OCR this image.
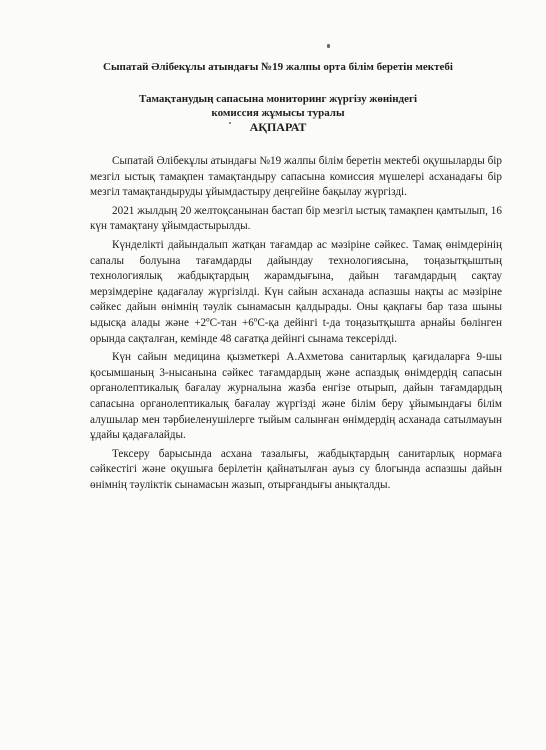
Сыпатай Әлібекұлы атындағы №19 жалпы орта білім беретін мектебі
Тамақтанудың сапасына мониторинг жүргізу жөніндегі
комиссия жұмысы туралы
АҚПАРАТ

Сыпатай Әлібекұлы атындағы №19 жалпы білім беретін мектебі оқушыларды бір мезгіл ыстық тамақпен тамақтандыру сапасына комиссия мүшелері асханадағы бір мезгіл тамақтандыруды ұйымдастыру деңгейіне бақылау жүргізді.

2021 жылдың 20 желтоқсанынан бастап бір мезгіл ыстық тамақпен қамтылып, 16 күн тамақтану ұйымдастырылды.

Күнделікті дайындалып жатқан тағамдар ас мәзіріне сәйкес. Тамақ өнімдерінің сапалы болуына тағамдарды дайындау технологиясына, тоңазытқыштың технологиялық жабдықтардың жарамдығына, дайын тағамдардың сақтау мерзімдеріне қадағалау жүргізілді. Күн сайын асханада аспазшы нақты ас мәзіріне сәйкес дайын өнімнің тәулік сынамасын қалдырады. Оны қақпағы бар таза шыны ыдысқа алады және +2ºС-тан +6ºС-қа дейінгі t-да тоңазытқышта арнайы бөлінген орында сақталған, кемінде 48 сағатқа дейінгі сынама тексерілді.

Күн сайын медицина қызметкері А.Ахметова санитарлық қағидаларға 9-шы қосымшаның 3-нысанына сәйкес тағамдардың және аспаздық өнімдердің сапасын органолептикалық бағалау журналына жазба енгізе отырып, дайын тағамдардың сапасына органолептикалық бағалау жүргізді және білім беру ұйымындағы білім алушылар мен тәрбиеленушілерге тыйым салынған өнімдердің асханада сатылмауын ұдайы қадағалайды.

Тексеру барысында асхана тазалығы, жабдықтардың санитарлық нормаға сәйкестігі және оқушыға берілетін қайнатылған ауыз су блогында аспазшы дайын өнімнің тәуліктік сынамасын жазып, отырғандығы анықталды.
